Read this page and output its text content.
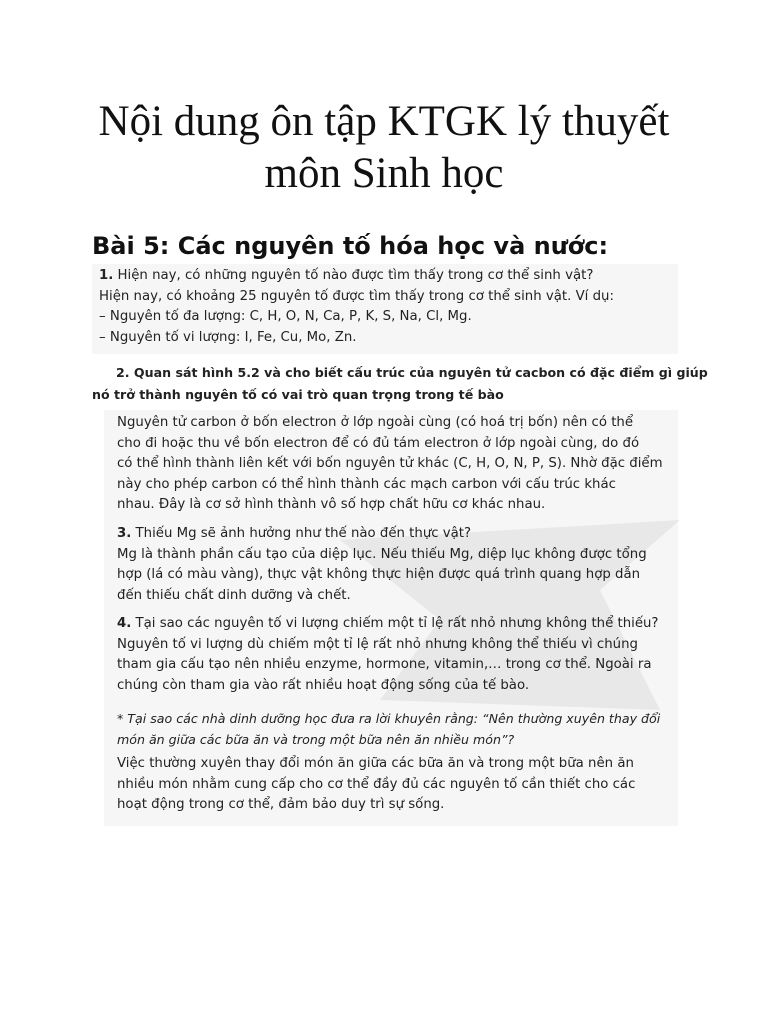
Nội dung ôn tập KTGK lý thuyết
môn Sinh học
Bài 5: Các nguyên tố hóa học và nước:

1. Hiện nay, có những nguyên tố nào được tìm thấy trong cơ thể sinh vật?

Hiện nay, có khoảng 25 nguyên tố được tìm thấy trong cơ thể sinh vật. Ví dụ:

– Nguyên tố đa lượng: C, H, O, N, Ca, P, K, S, Na, Cl, Mg.

– Nguyên tố vi lượng: I, Fe, Cu, Mo, Zn.

2. Quan sát hình 5.2 và cho biết cấu trúc của nguyên tử cacbon có đặc điểm gì giúp

nó trở thành nguyên tố có vai trò quan trọng trong tế bào

Nguyên tử carbon ở bốn electron ở lớp ngoài cùng (có hoá trị bốn) nên có thể

cho đi hoặc thu về bốn electron để có đủ tám electron ở lớp ngoài cùng, do đó

có thể hình thành liên kết với bốn nguyên tử khác (C, H, O, N, P, S). Nhờ đặc điểm

này cho phép carbon có thể hình thành các mạch carbon với cấu trúc khác

nhau. Đây là cơ sở hình thành vô số hợp chất hữu cơ khác nhau.

3. Thiếu Mg sẽ ảnh hưởng như thế nào đến thực vật?

Mg là thành phần cấu tạo của diệp lục. Nếu thiếu Mg, diệp lục không được tổng

hợp (lá có màu vàng), thực vật không thực hiện được quá trình quang hợp dẫn

đến thiếu chất dinh dưỡng và chết.

4. Tại sao các nguyên tố vi lượng chiếm một tỉ lệ rất nhỏ nhưng không thể thiếu?

Nguyên tố vi lượng dù chiếm một tỉ lệ rất nhỏ nhưng không thể thiếu vì chúng

tham gia cấu tạo nên nhiều enzyme, hormone, vitamin,… trong cơ thể. Ngoài ra

chúng còn tham gia vào rất nhiều hoạt động sống của tế bào.

* Tại sao các nhà dinh dưỡng học đưa ra lời khuyên rằng: “Nên thường xuyên thay đổi

món ăn giữa các bữa ăn và trong một bữa nên ăn nhiều món”?

Việc thường xuyên thay đổi món ăn giữa các bữa ăn và trong một bữa nên ăn

nhiều món nhằm cung cấp cho cơ thể đầy đủ các nguyên tố cần thiết cho các

hoạt động trong cơ thể, đảm bảo duy trì sự sống.
